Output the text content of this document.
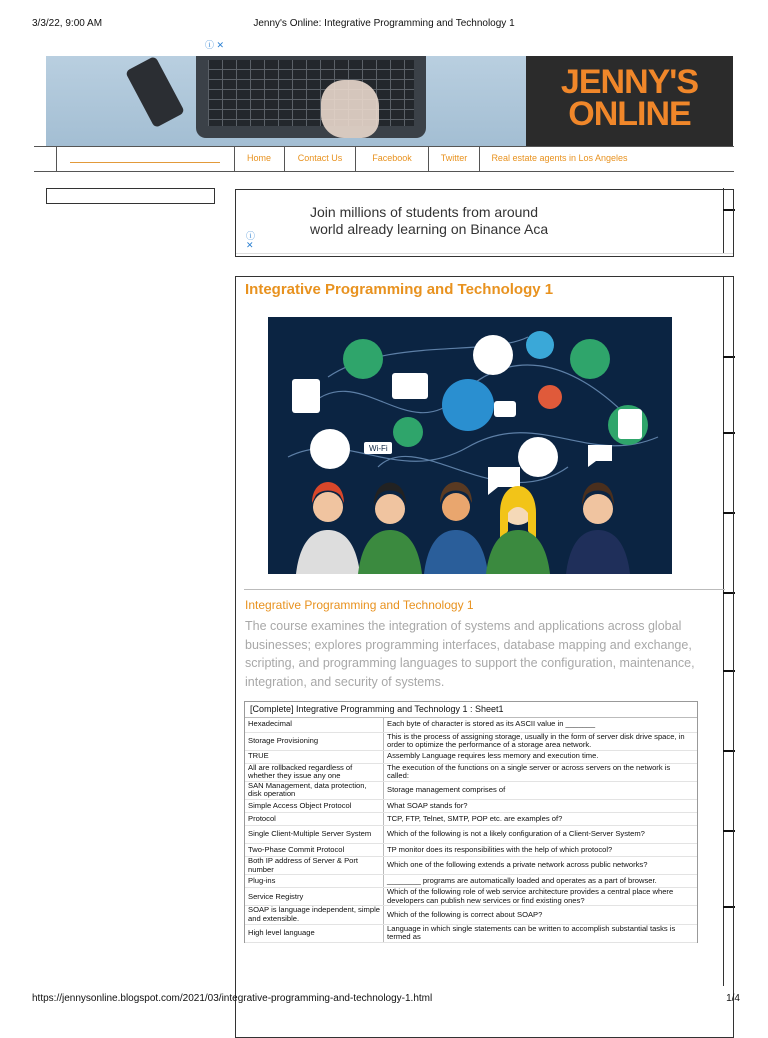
3/3/22, 9:00 AM	Jenny's Online: Integrative Programming and Technology 1
ⓘ ✕
JENNY'S
ONLINE
Home	Contact Us	Facebook	Twitter	Real estate agents in Los Angeles
Join millions of students from around
world already learning on Binance Aca
ⓘ
✕
Integrative Programming and Technology 1
Wi-Fi
Integrative Programming and Technology 1
The course examines the integration of systems and applications across global businesses; explores programming interfaces, database mapping and exchange, scripting, and programming languages to support the configuration, maintenance, integration, and security of systems.
[Complete] Integrative Programming and Technology 1 : Sheet1
Hexadecimal	Each byte of character is stored as its ASCII value in _______
Storage Provisioning	This is the process of assigning storage, usually in the form of server disk drive space, in order to optimize the performance of a storage area network.
TRUE	Assembly Language requires less memory and execution time.
All are rollbacked regardless of whether they issue any one	The execution of the functions on a single server or across servers on the network is called:
SAN Management, data protection, disk operation	Storage management comprises of
Simple Access Object Protocol	What SOAP stands for?
Protocol	TCP, FTP, Telnet, SMTP, POP etc. are examples of?
Single Client-Multiple Server System	Which of the following is not a likely configuration of a Client-Server System?
Two-Phase Commit Protocol	TP monitor does its responsibilities with the help of which protocol?
Both IP address of Server & Port number	Which one of the following extends a private network across public networks?
Plug-ins	________ programs are automatically loaded and operates as a part of browser.
Service Registry	Which of the following role of web service architecture provides a central place where developers can publish new services or find existing ones?
SOAP is language independent, simple and extensible.	Which of the following is correct about SOAP?
High level language	Language in which single statements can be written to accomplish substantial tasks is termed as
https://jennysonline.blogspot.com/2021/03/integrative-programming-and-technology-1.html	1/4
